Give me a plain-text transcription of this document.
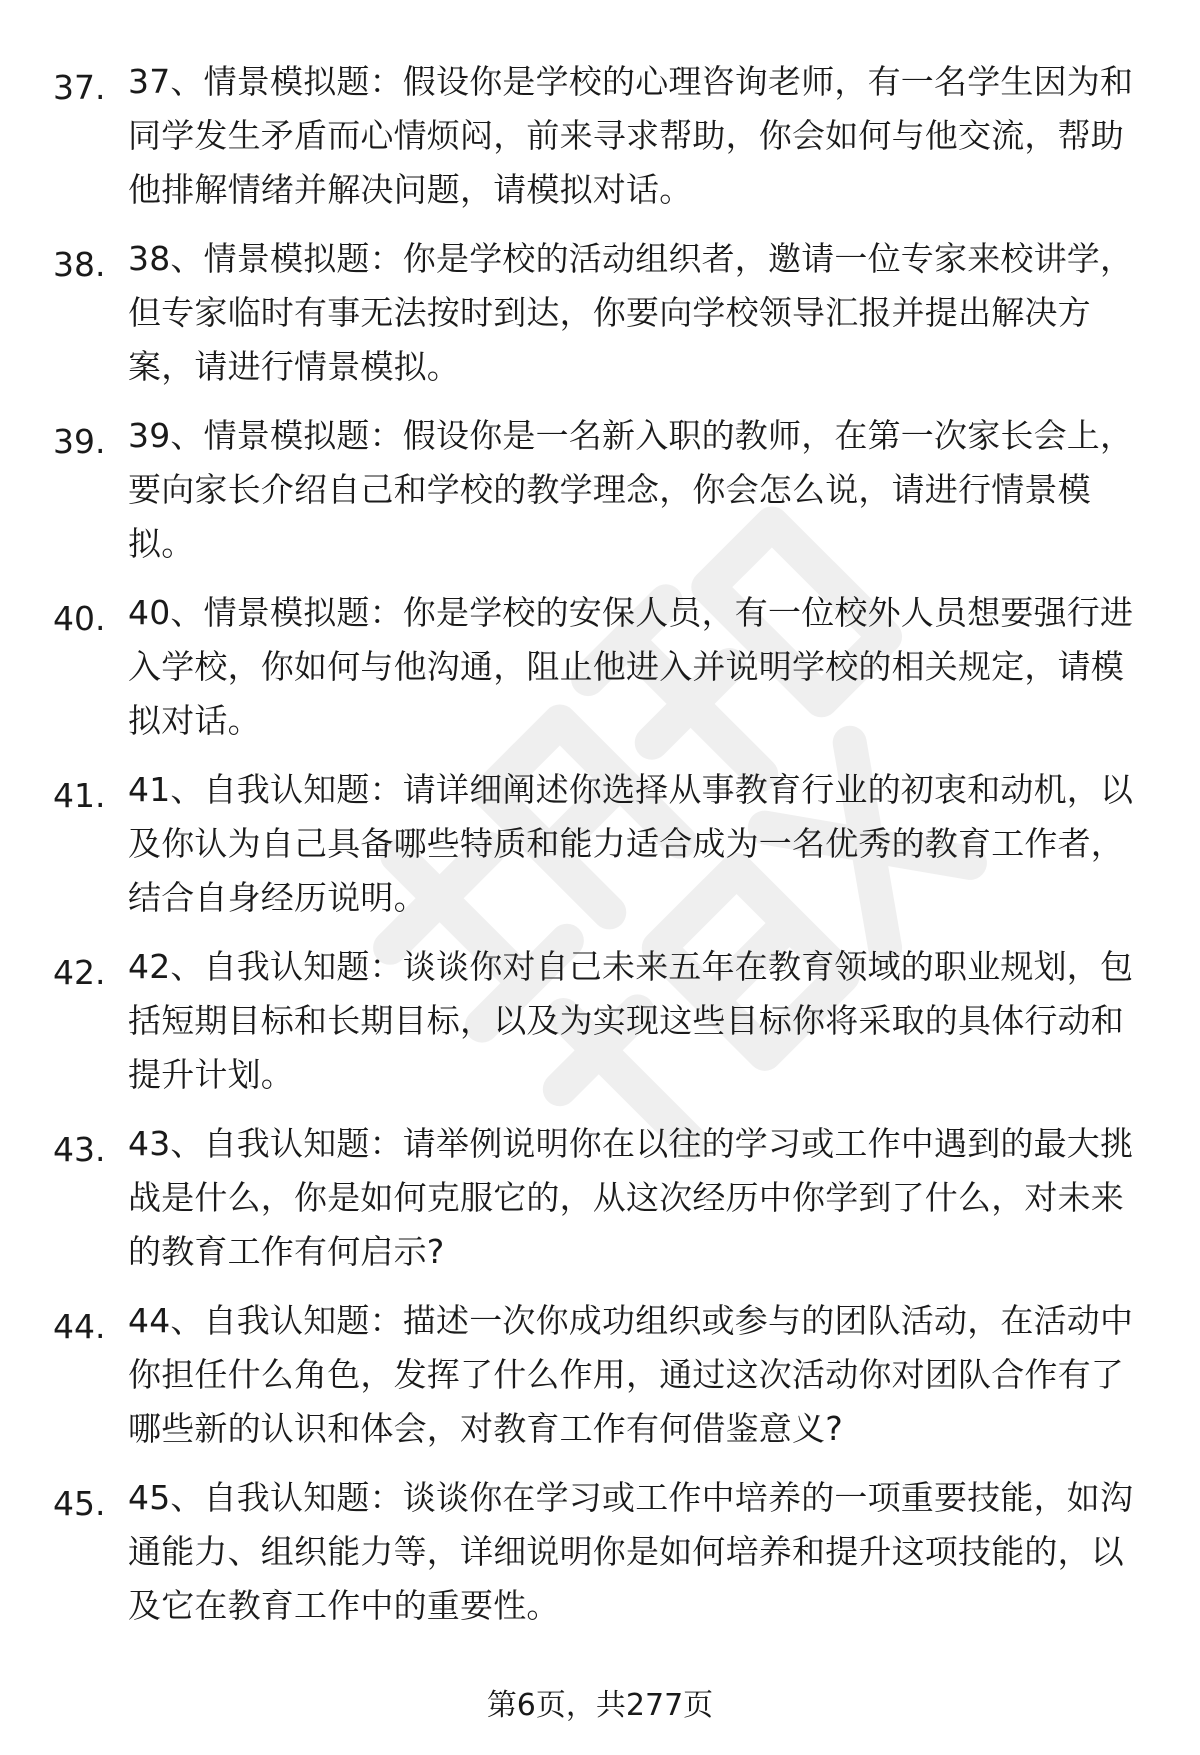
37. 37、情景模拟题：假设你是学校的心理咨询老师，有一名学生因为和同学发生矛盾而心情烦闷，前来寻求帮助，你会如何与他交流，帮助他排解情绪并解决问题，请模拟对话。
38. 38、情景模拟题：你是学校的活动组织者，邀请一位专家来校讲学，但专家临时有事无法按时到达，你要向学校领导汇报并提出解决方案，请进行情景模拟。
39. 39、情景模拟题：假设你是一名新入职的教师，在第一次家长会上，要向家长介绍自己和学校的教学理念，你会怎么说，请进行情景模拟。
40. 40、情景模拟题：你是学校的安保人员，有一位校外人员想要强行进入学校，你如何与他沟通，阻止他进入并说明学校的相关规定，请模拟对话。
41. 41、自我认知题：请详细阐述你选择从事教育行业的初衷和动机，以及你认为自己具备哪些特质和能力适合成为一名优秀的教育工作者，结合自身经历说明。
42. 42、自我认知题：谈谈你对自己未来五年在教育领域的职业规划，包括短期目标和长期目标，以及为实现这些目标你将采取的具体行动和提升计划。
43. 43、自我认知题：请举例说明你在以往的学习或工作中遇到的最大挑战是什么，你是如何克服它的，从这次经历中你学到了什么，对未来的教育工作有何启示?
44. 44、自我认知题：描述一次你成功组织或参与的团队活动，在活动中你担任什么角色，发挥了什么作用，通过这次活动你对团队合作有了哪些新的认识和体会，对教育工作有何借鉴意义?
45. 45、自我认知题：谈谈你在学习或工作中培养的一项重要技能，如沟通能力、组织能力等，详细说明你是如何培养和提升这项技能的，以及它在教育工作中的重要性。
第6页，共277页
